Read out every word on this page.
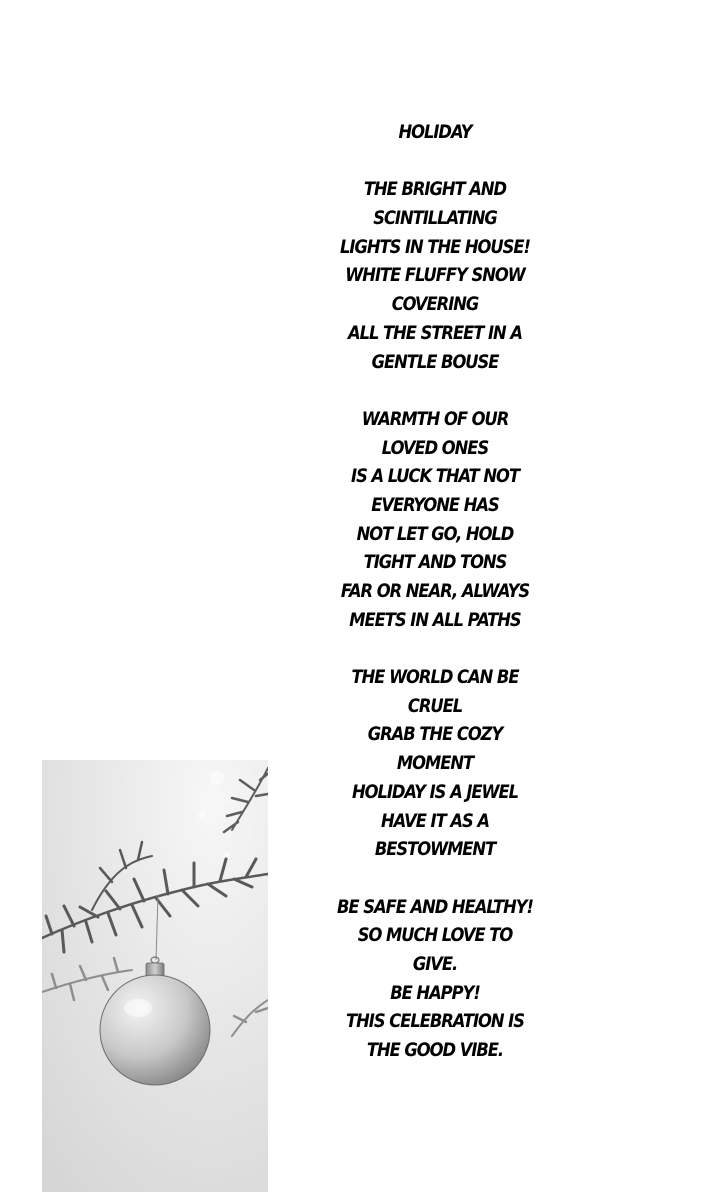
HOLIDAY
THE BRIGHT AND
SCINTILLATING
LIGHTS IN THE HOUSE!
WHITE FLUFFY SNOW
COVERING
ALL THE STREET IN A
GENTLE BOUSE
WARMTH OF OUR
LOVED ONES
IS A LUCK THAT NOT
EVERYONE HAS
NOT LET GO, HOLD
TIGHT AND TONS
FAR OR NEAR, ALWAYS
MEETS IN ALL PATHS
THE WORLD CAN BE
CRUEL
GRAB THE COZY
MOMENT
HOLIDAY IS A JEWEL
HAVE IT AS A
BESTOWMENT
BE SAFE AND HEALTHY!
SO MUCH LOVE TO
GIVE.
BE HAPPY!
THIS CELEBRATION IS
THE GOOD VIBE.
